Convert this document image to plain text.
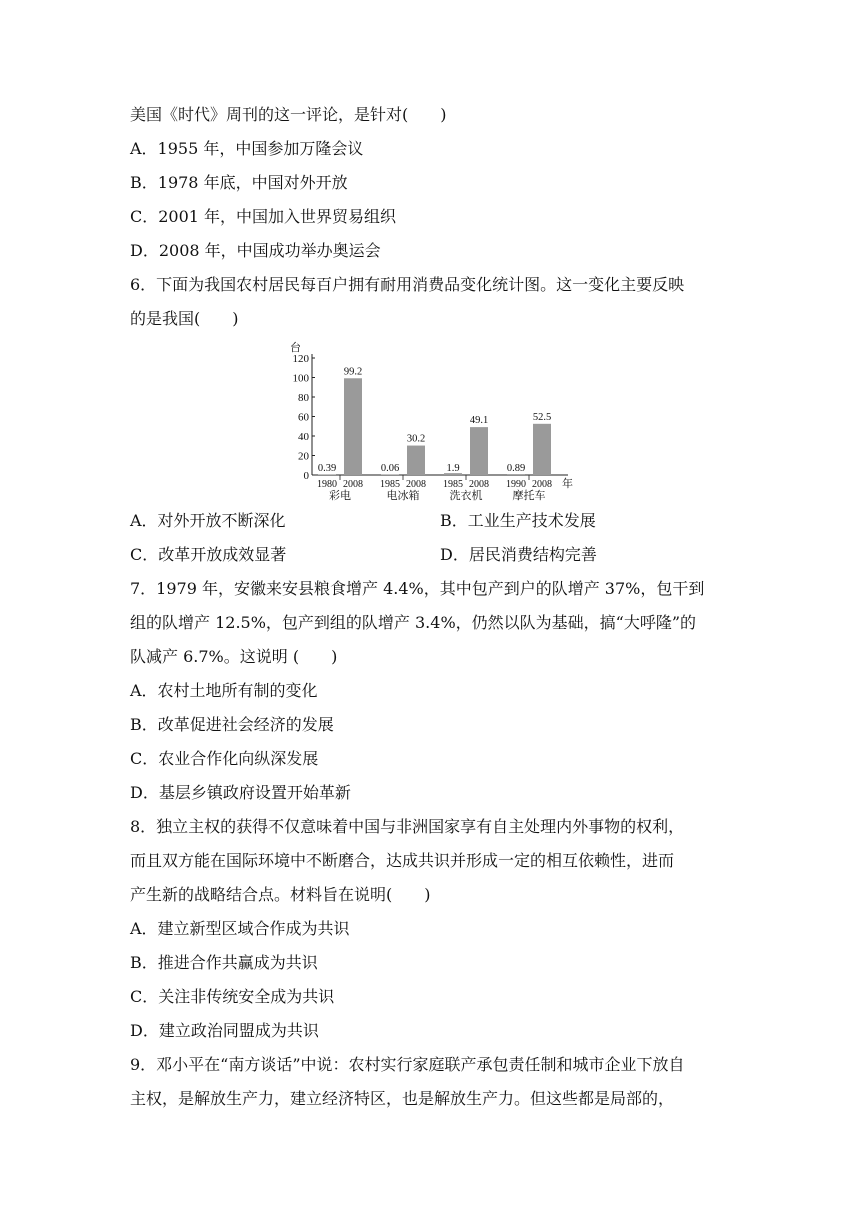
美国《时代》周刊的这一评论，是针对(　　)
A．1955 年，中国参加万隆会议
B．1978 年底，中国对外开放
C．2001 年，中国加入世界贸易组织
D．2008 年，中国成功举办奥运会
6．下面为我国农村居民每百户拥有耐用消费品变化统计图。这一变化主要反映
的是我国(　　)
台
0
20
40
60
80
100
120
0.39
1980
99.2
2008
彩电
0.06
1985
30.2
2008
电冰箱
1.9
1985
49.1
2008
洗衣机
0.89
1990
52.5
2008
摩托车
年
A．对外开放不断深化	B．工业生产技术发展
C．改革开放成效显著	D．居民消费结构完善
7．1979 年，安徽来安县粮食增产 4.4%，其中包产到户的队增产 37%，包干到
组的队增产 12.5%，包产到组的队增产 3.4%，仍然以队为基础，搞“大呼隆”的
队减产 6.7%。这说明 (　　)
A．农村土地所有制的变化
B．改革促进社会经济的发展
C．农业合作化向纵深发展
D．基层乡镇政府设置开始革新
8．独立主权的获得不仅意味着中国与非洲国家享有自主处理内外事物的权利，
而且双方能在国际环境中不断磨合，达成共识并形成一定的相互依赖性，进而
产生新的战略结合点。材料旨在说明(　　)
A．建立新型区域合作成为共识
B．推进合作共赢成为共识
C．关注非传统安全成为共识
D．建立政治同盟成为共识
9．邓小平在“南方谈话”中说：农村实行家庭联产承包责任制和城市企业下放自
主权，是解放生产力，建立经济特区，也是解放生产力。但这些都是局部的，
